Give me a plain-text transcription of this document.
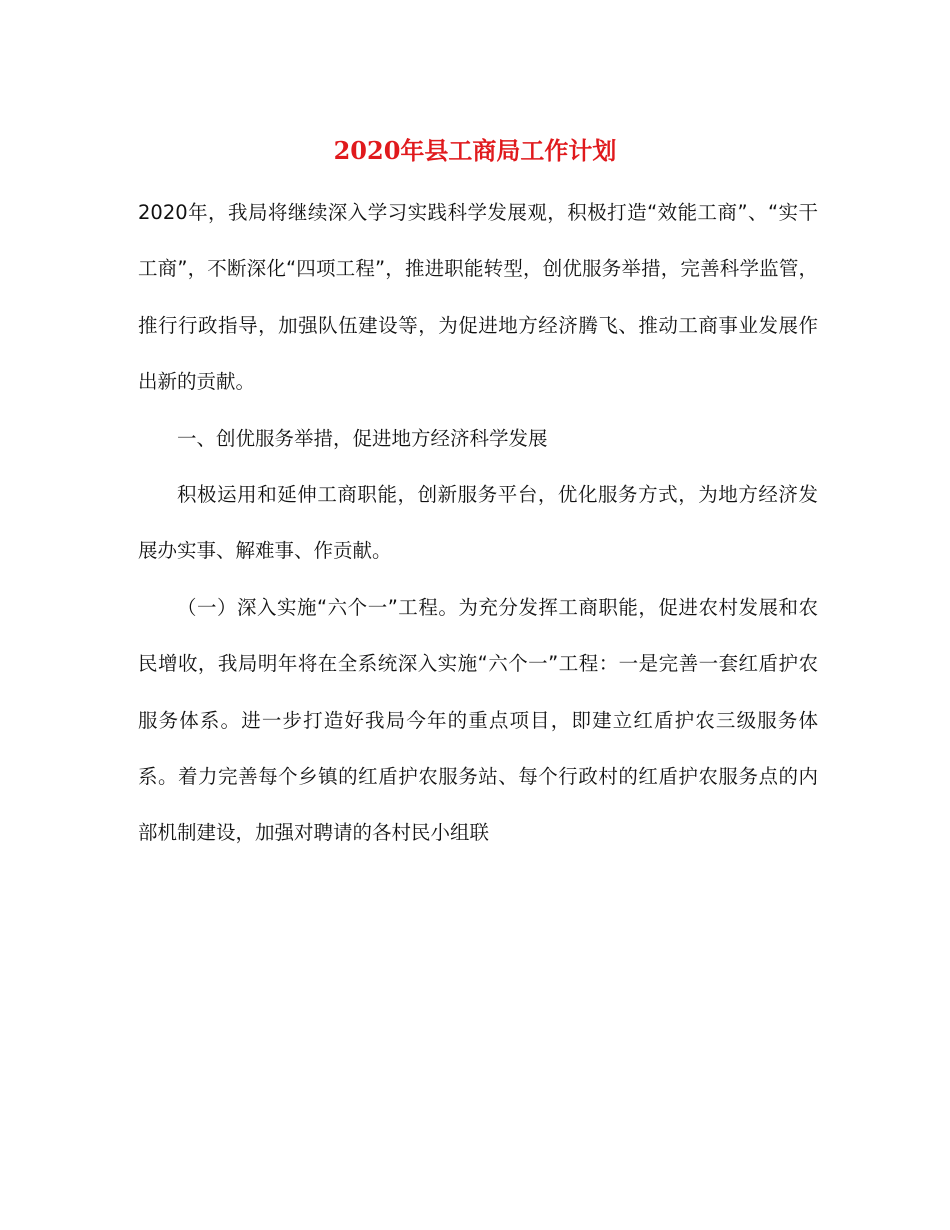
2020年县工商局工作计划

2020年，我局将继续深入学习实践科学发展观，积极打造“效能工商”、“实干工商”，不断深化“四项工程”，推进职能转型，创优服务举措，完善科学监管，推行行政指导，加强队伍建设等，为促进地方经济腾飞、推动工商事业发展作出新的贡献。

一、创优服务举措，促进地方经济科学发展

积极运用和延伸工商职能，创新服务平台，优化服务方式，为地方经济发展办实事、解难事、作贡献。

（一）深入实施“六个一”工程。为充分发挥工商职能，促进农村发展和农民增收，我局明年将在全系统深入实施“六个一”工程：一是完善一套红盾护农服务体系。进一步打造好我局今年的重点项目，即建立红盾护农三级服务体系。着力完善每个乡镇的红盾护农服务站、每个行政村的红盾护农服务点的内部机制建设，加强对聘请的各村民小组联
